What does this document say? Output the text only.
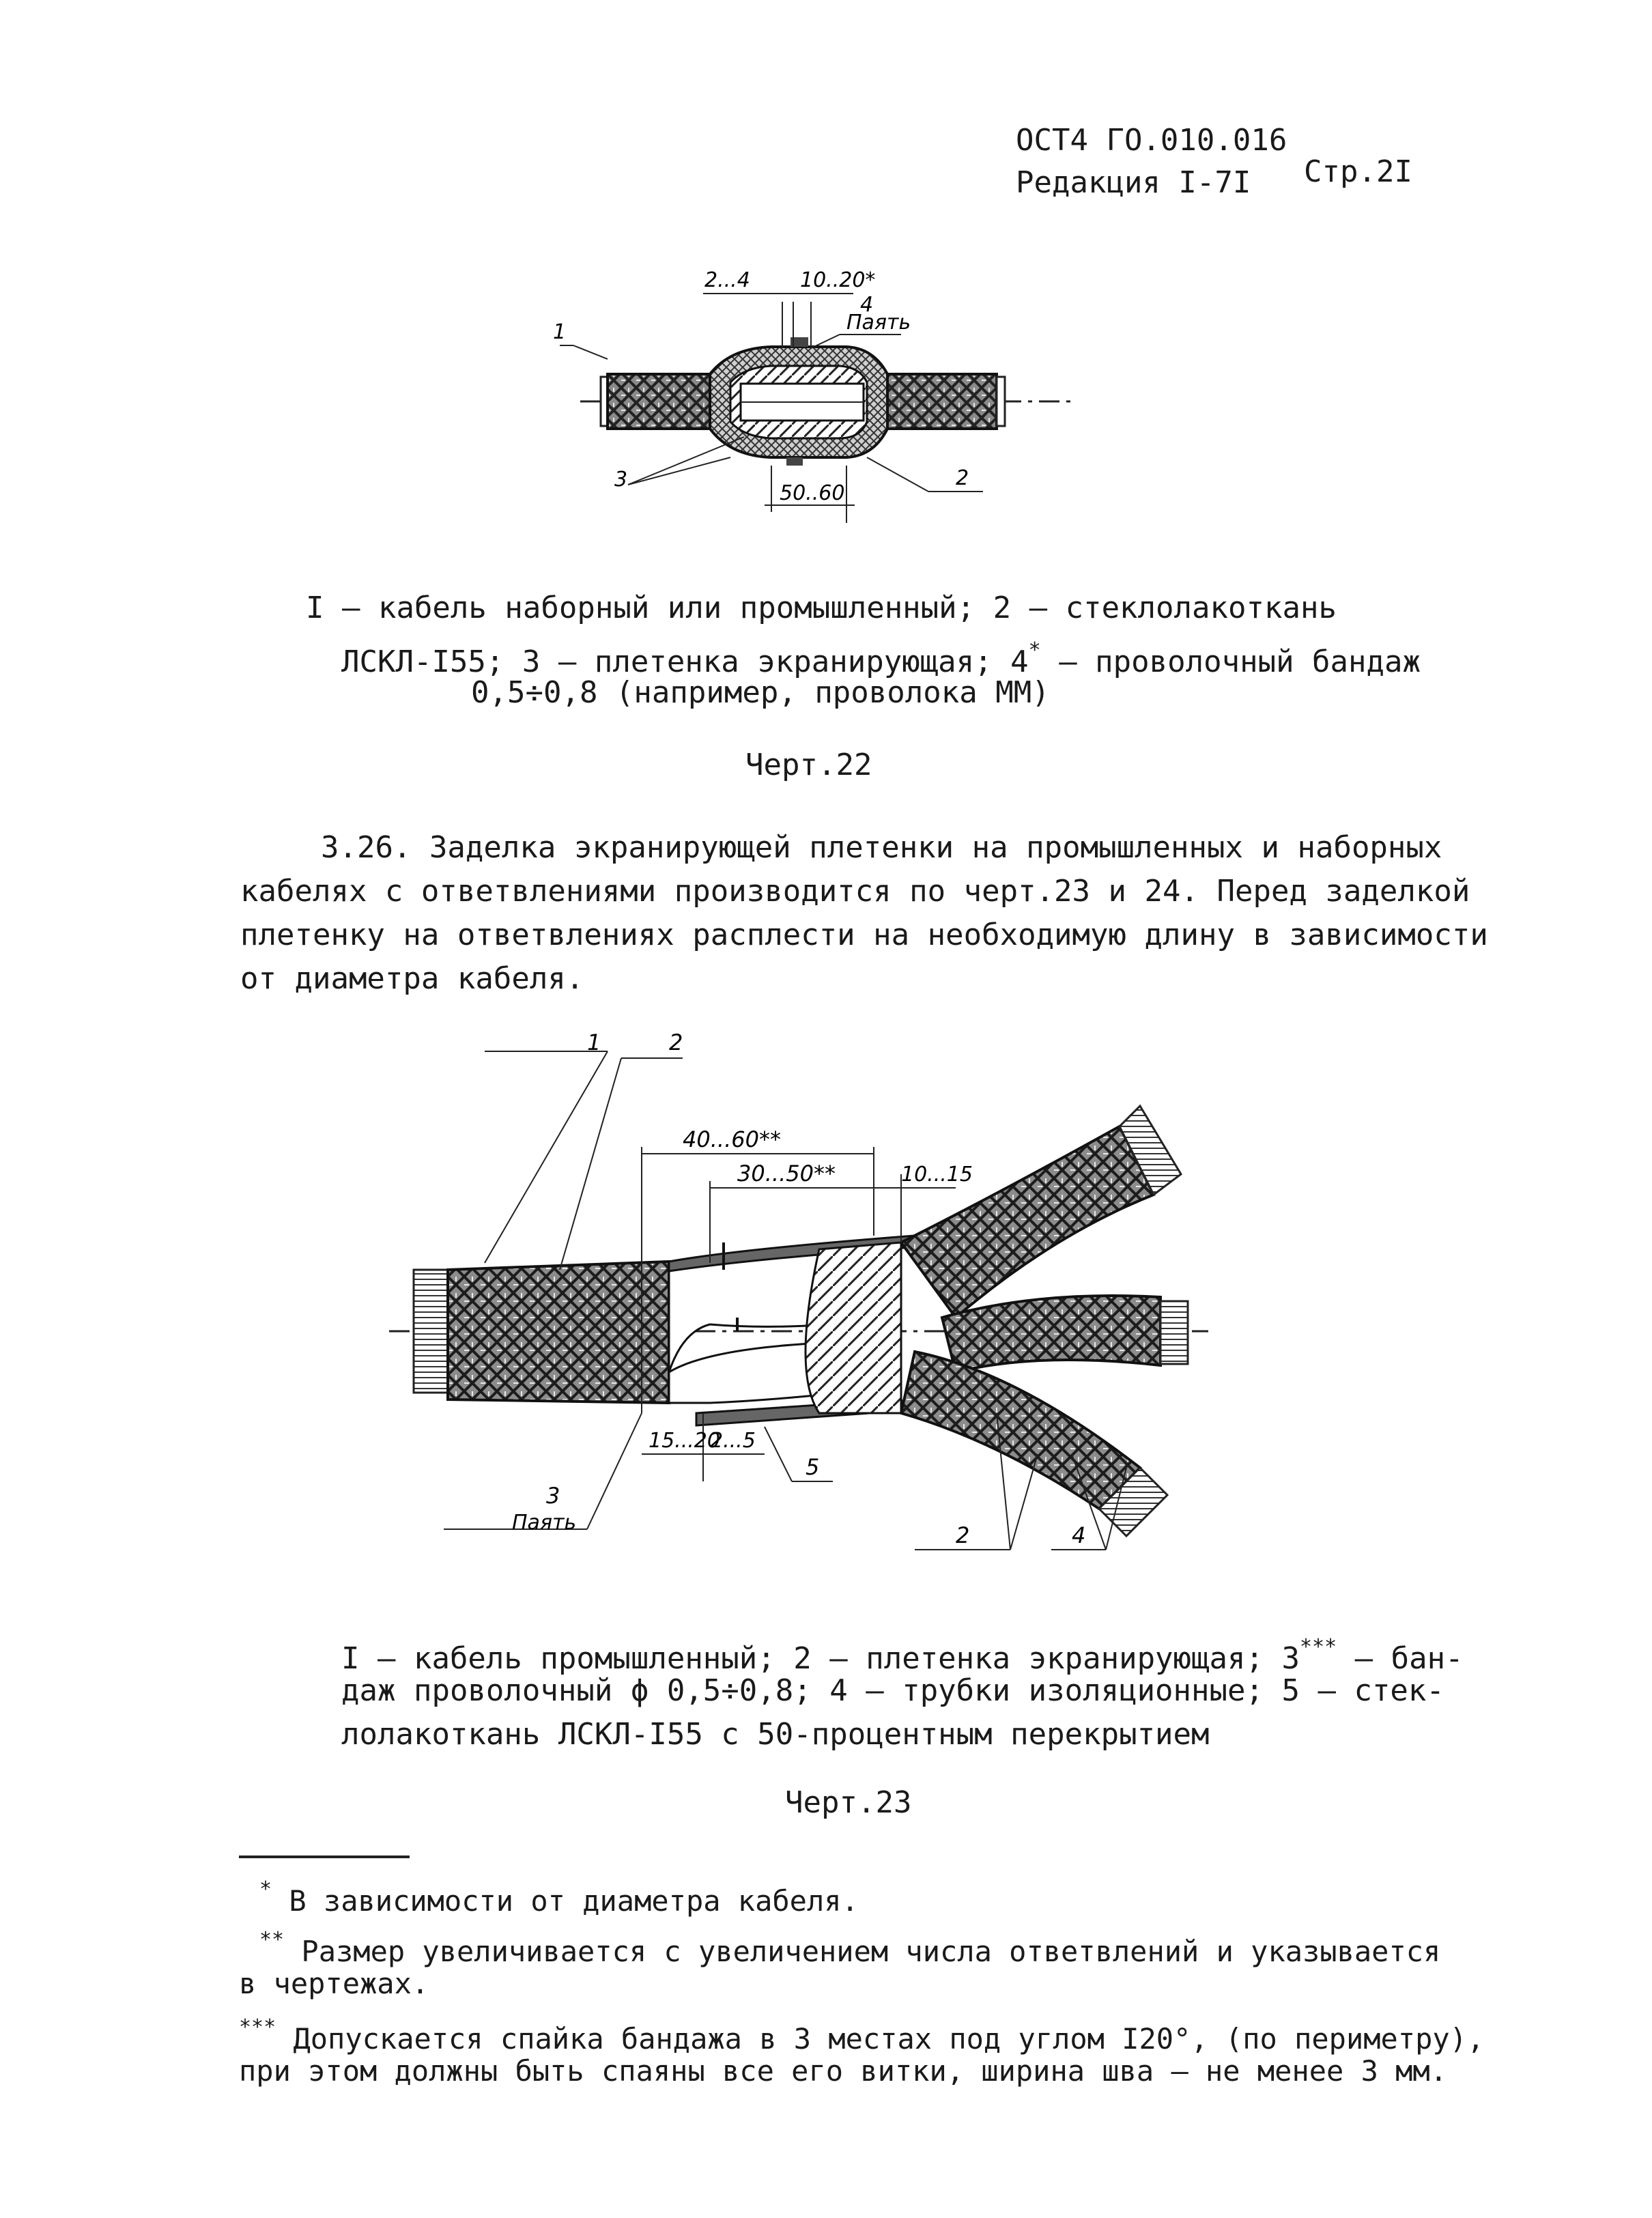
ОСТ4 ГО.010.016
Редакция I-7I Стр.2I
2...4 10..20*
4
Паять
1
3
50..60
2
I – кабель наборный или промышленный; 2 – стеклолакоткань
ЛСКЛ-I55; 3 – плетенка экранирующая; 4* – проволочный бандаж
0,5÷0,8 (например, проволока ММ)
Черт.22
3.26. Заделка экранирующей плетенки на промышленных и наборных
кабелях с ответвлениями производится по черт.23 и 24. Перед заделкой
плетенку на ответвлениях расплести на необходимую длину в зависимости
от диаметра кабеля.
1	2
40...60**
30...50**	10...15
3
Паять
15...20
2...5
5
2	4
I – кабель промышленный; 2 – плетенка экранирующая; 3*** – бан-
даж проволочный ϕ 0,5÷0,8; 4 – трубки изоляционные; 5 – стек-
лолакоткань ЛСКЛ-I55 с 50-процентным перекрытием
Черт.23
* В зависимости от диаметра кабеля.
** Размер увеличивается с увеличением числа ответвлений и указывается
в чертежах.
*** Допускается спайка бандажа в 3 местах под углом I20°, (по периметру),
при этом должны быть спаяны все его витки, ширина шва – не менее 3 мм.
